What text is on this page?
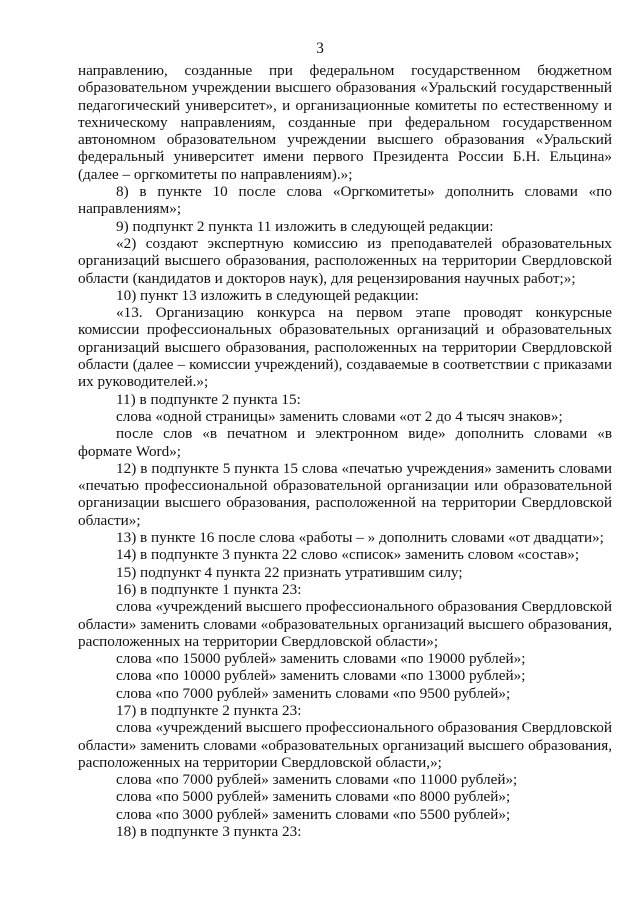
3

направлению, созданные при федеральном государственном бюджетном образовательном учреждении высшего образования «Уральский государственный педагогический университет», и организационные комитеты по естественному и техническому направлениям, созданные при федеральном государственном автономном образовательном учреждении высшего образования «Уральский федеральный университет имени первого Президента России Б.Н. Ельцина» (далее – оргкомитеты по направлениям).»;

8) в пункте 10 после слова «Оргкомитеты» дополнить словами «по направлениям»;

9) подпункт 2 пункта 11 изложить в следующей редакции:

«2) создают экспертную комиссию из преподавателей образовательных организаций высшего образования, расположенных на территории Свердловской области (кандидатов и докторов наук), для рецензирования научных работ;»;

10) пункт 13 изложить в следующей редакции:

«13. Организацию конкурса на первом этапе проводят конкурсные комиссии профессиональных образовательных организаций и образовательных организаций высшего образования, расположенных на территории Свердловской области (далее – комиссии учреждений), создаваемые в соответствии с приказами их руководителей.»;

11) в подпункте 2 пункта 15:

слова «одной страницы» заменить словами «от 2 до 4 тысяч знаков»;

после слов «в печатном и электронном виде» дополнить словами «в формате Word»;

12) в подпункте 5 пункта 15 слова «печатью учреждения» заменить словами «печатью профессиональной образовательной организации или образовательной организации высшего образования, расположенной на территории Свердловской области»;

13) в пункте 16 после слова «работы – » дополнить словами «от двадцати»;

14) в подпункте 3 пункта 22 слово «список» заменить словом «состав»;

15) подпункт 4 пункта 22 признать утратившим силу;

16) в подпункте 1 пункта 23:

слова «учреждений высшего профессионального образования Свердловской области» заменить словами «образовательных организаций высшего образования, расположенных на территории Свердловской области»;

слова «по 15000 рублей» заменить словами «по 19000 рублей»;

слова «по 10000 рублей» заменить словами «по 13000 рублей»;

слова «по 7000 рублей» заменить словами «по 9500 рублей»;

17) в подпункте 2 пункта 23:

слова «учреждений высшего профессионального образования Свердловской области» заменить словами «образовательных организаций высшего образования, расположенных на территории Свердловской области,»;

слова «по 7000 рублей» заменить словами «по 11000 рублей»;

слова «по 5000 рублей» заменить словами «по 8000 рублей»;

слова «по 3000 рублей» заменить словами «по 5500 рублей»;

18) в подпункте 3 пункта 23:
